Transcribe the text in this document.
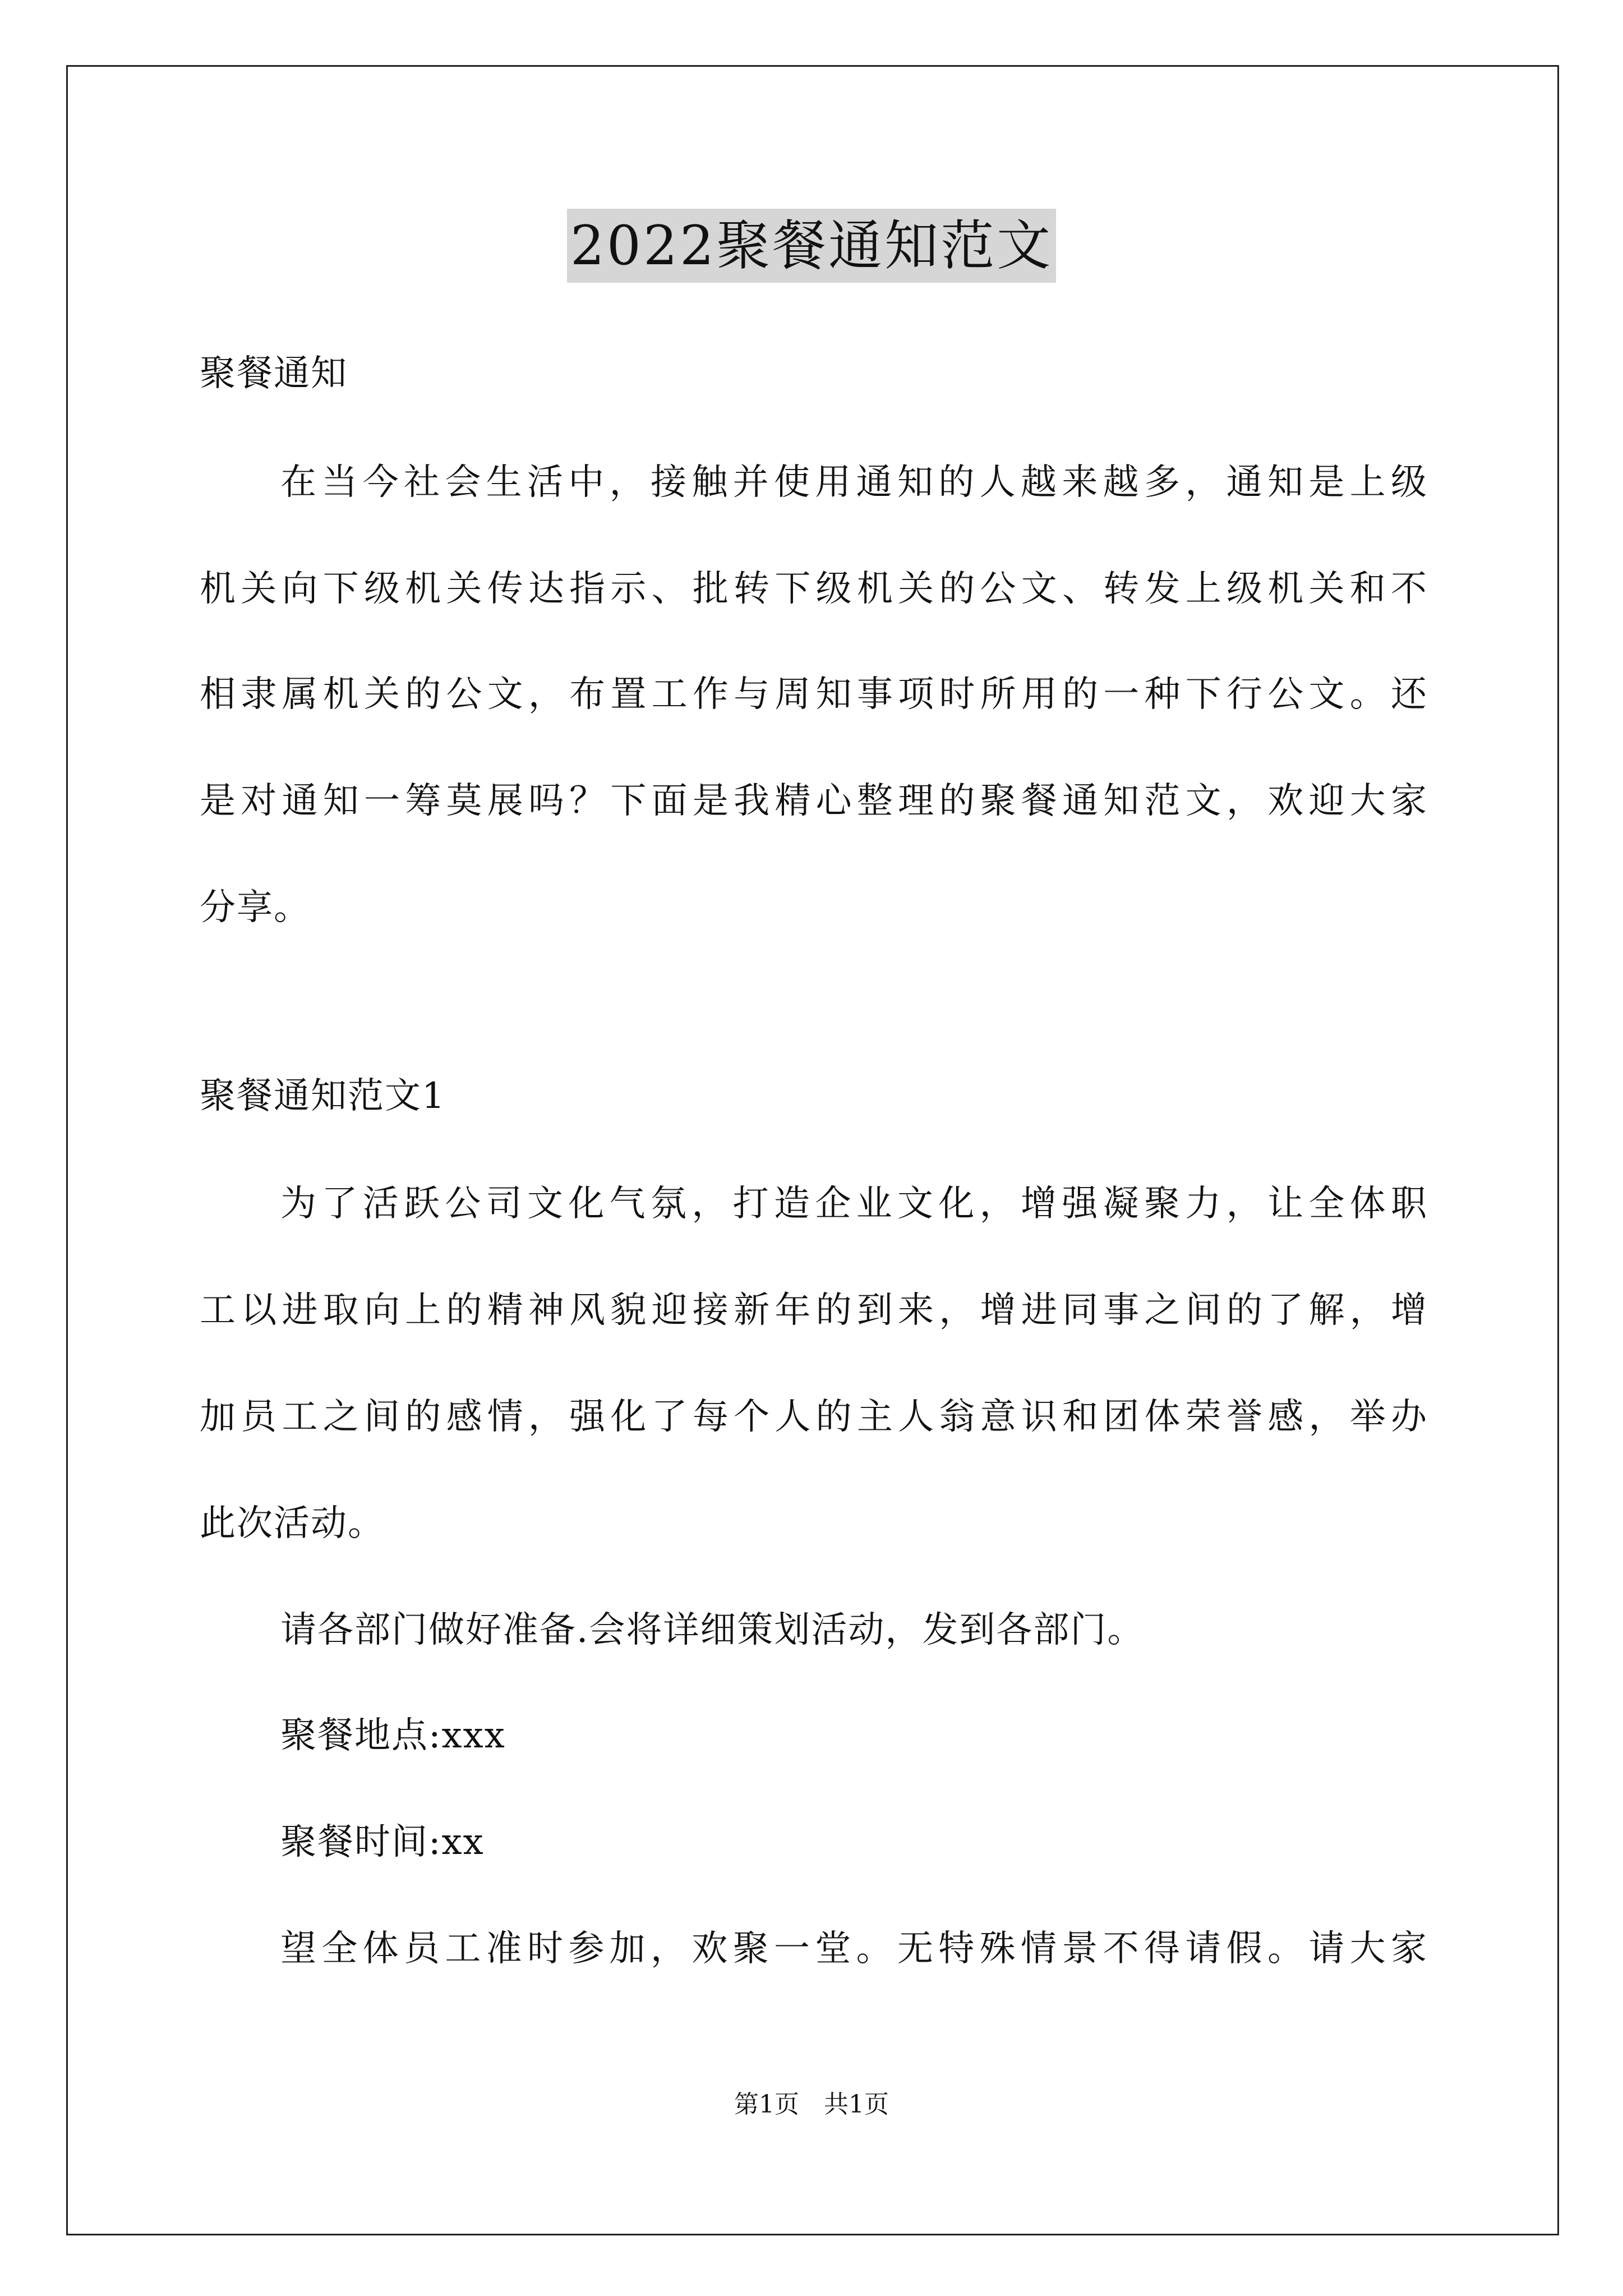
2022聚餐通知范文
聚餐通知
在当今社会生活中，接触并使用通知的人越来越多，通知是上级
机关向下级机关传达指示、批转下级机关的公文、转发上级机关和不
相隶属机关的公文，布置工作与周知事项时所用的一种下行公文。还
是对通知一筹莫展吗？下面是我精心整理的聚餐通知范文，欢迎大家
分享。
聚餐通知范文1
为了活跃公司文化气氛，打造企业文化，增强凝聚力，让全体职
工以进取向上的精神风貌迎接新年的到来，增进同事之间的了解，增
加员工之间的感情，强化了每个人的主人翁意识和团体荣誉感，举办
此次活动。
请各部门做好准备.会将详细策划活动，发到各部门。
聚餐地点:xxx
聚餐时间:xx
望全体员工准时参加，欢聚一堂。无特殊情景不得请假。请大家
第1页　共1页
